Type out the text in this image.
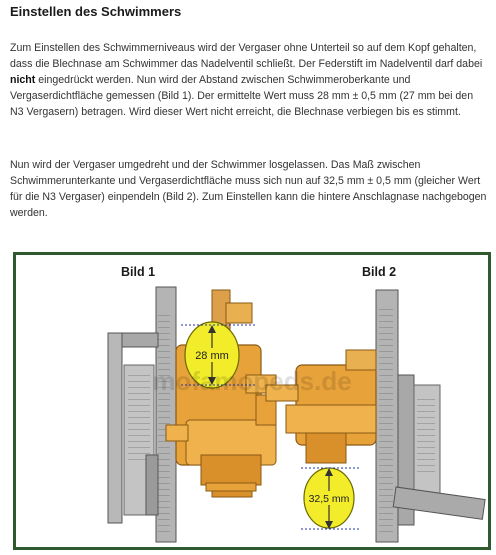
Einstellen des Schwimmers
Zum Einstellen des Schwimmerniveaus wird der Vergaser ohne Unterteil so auf dem Kopf gehalten, dass die Blechnase am Schwimmer das Nadelventil schließt. Der Federstift im Nadelventil darf dabei nicht eingedrückt werden. Nun wird der Abstand zwischen Schwimmeroberkante und Vergaserdichtfläche gemessen (Bild 1). Der ermittelte Wert muss 28 mm ± 0,5 mm (27 mm bei den N3 Vergasern) betragen. Wird dieser Wert nicht erreicht, die Blechnase verbiegen bis es stimmt.
Nun wird der Vergaser umgedreht und der Schwimmer losgelassen. Das Maß zwischen Schwimmerunterkante und Vergaserdichtfläche muss sich nun auf 32,5 mm ± 0,5 mm (gleicher Wert für die N3 Vergaser) einpendeln (Bild 2). Zum Einstellen kann die hintere Anschlagnase nachgebogen werden.
28 mm
32,5 mm
mofamopeds.de
Bild 1	Bild 2
